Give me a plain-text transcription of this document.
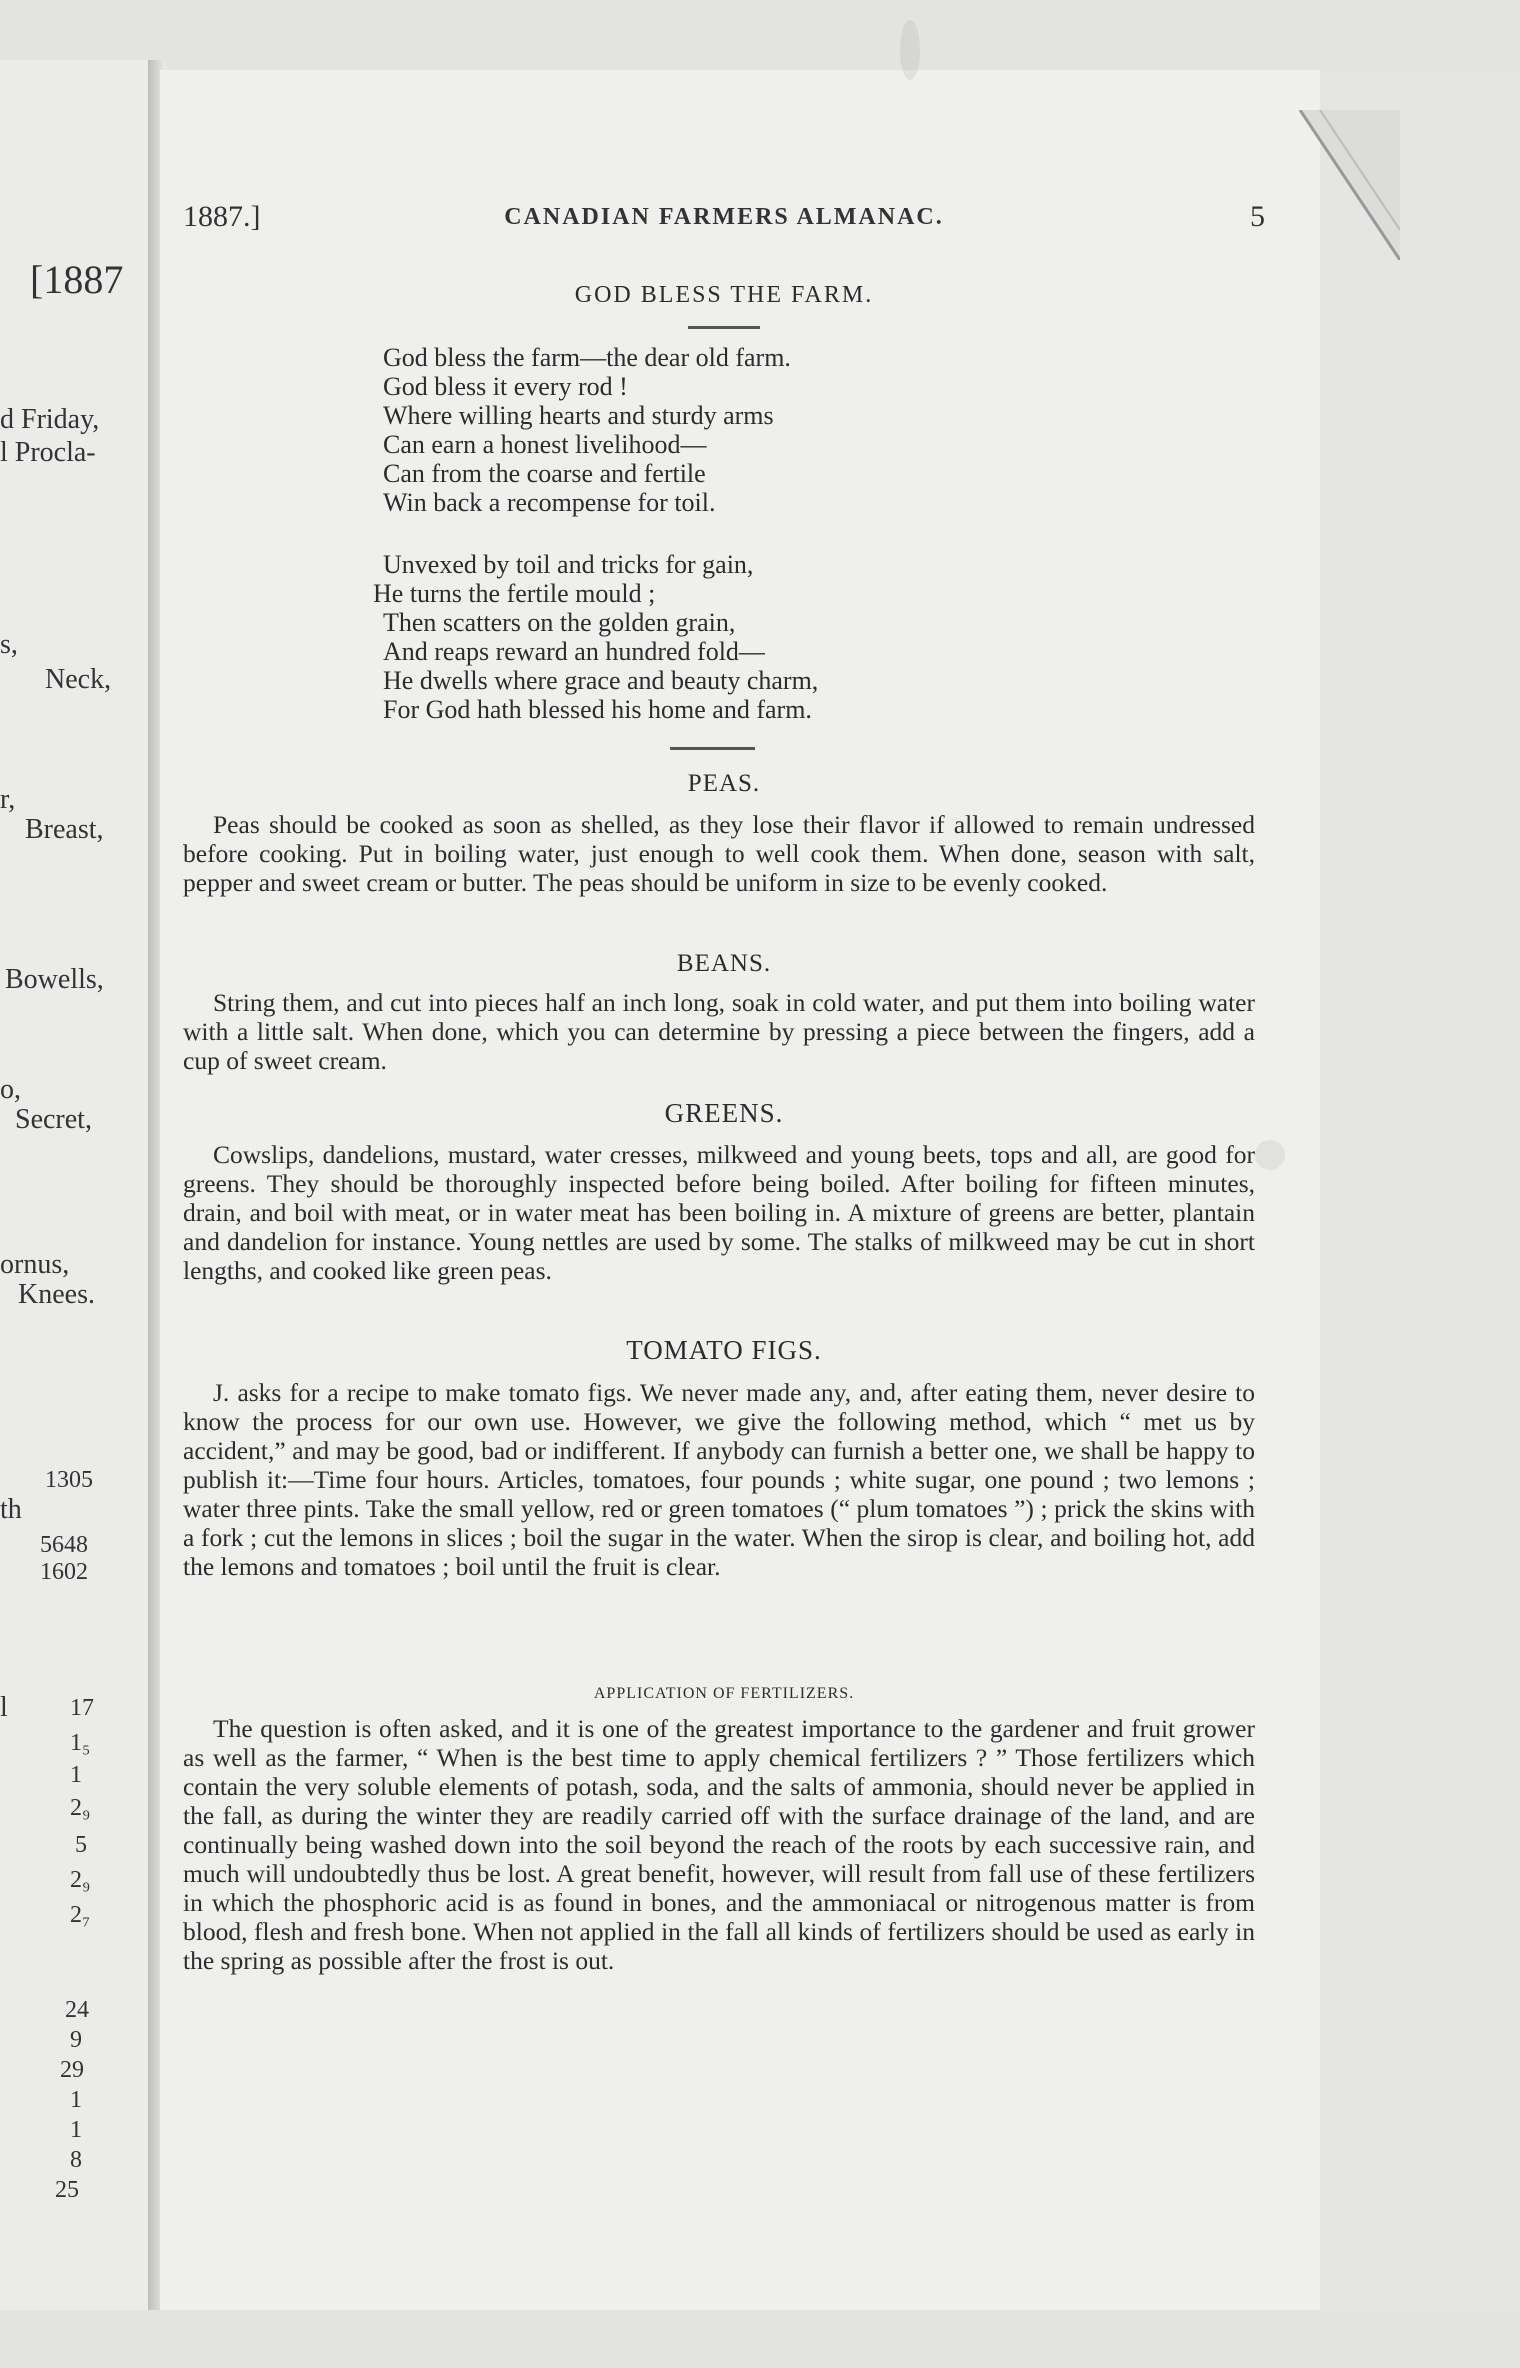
[1887
d Friday,
l Procla-
s,
Neck,
r,
Breast,
Bowells,
o,
Secret,
ornus,
Knees.
1305
th
5648
1602
l	17
1₅
1
2₉
5
2₉
2₇
24
9
29
1
1
8
25
1887.]	CANADIAN FARMERS ALMANAC.	5
GOD BLESS THE FARM.
God bless the farm—the dear old farm.
God bless it every rod !
Where willing hearts and sturdy arms
Can earn a honest livelihood—
Can from the coarse and fertile
Win back a recompense for toil.
Unvexed by toil and tricks for gain,
He turns the fertile mould ;
Then scatters on the golden grain,
And reaps reward an hundred fold—
He dwells where grace and beauty charm,
For God hath blessed his home and farm.
PEAS.
Peas should be cooked as soon as shelled, as they lose their flavor if allowed to remain undressed before cooking. Put in boiling water, just enough to well cook them. When done, season with salt, pepper and sweet cream or butter. The peas should be uniform in size to be evenly cooked.
BEANS.
String them, and cut into pieces half an inch long, soak in cold water, and put them into boiling water with a little salt. When done, which you can determine by pressing a piece between the fingers, add a cup of sweet cream.
GREENS.
Cowslips, dandelions, mustard, water cresses, milkweed and young beets, tops and all, are good for greens. They should be thoroughly inspected before being boiled. After boiling for fifteen minutes, drain, and boil with meat, or in water meat has been boiling in. A mixture of greens are better, plantain and dandelion for instance. Young nettles are used by some. The stalks of milkweed may be cut in short lengths, and cooked like green peas.
TOMATO FIGS.
J. asks for a recipe to make tomato figs. We never made any, and, after eating them, never desire to know the process for our own use. However, we give the following method, which “ met us by accident,” and may be good, bad or indifferent. If anybody can furnish a better one, we shall be happy to publish it:—Time four hours. Articles, tomatoes, four pounds ; white sugar, one pound ; two lemons ; water three pints. Take the small yellow, red or green tomatoes (“ plum tomatoes ”) ; prick the skins with a fork ; cut the lemons in slices ; boil the sugar in the water. When the sirop is clear, and boiling hot, add the lemons and tomatoes ; boil until the fruit is clear.
APPLICATION OF FERTILIZERS.
The question is often asked, and it is one of the greatest importance to the gardener and fruit grower as well as the farmer, “ When is the best time to apply chemical fertilizers ? ” Those fertilizers which contain the very soluble elements of potash, soda, and the salts of ammonia, should never be applied in the fall, as during the winter they are readily carried off with the surface drainage of the land, and are continually being washed down into the soil beyond the reach of the roots by each successive rain, and much will undoubtedly thus be lost. A great benefit, however, will result from fall use of these fertilizers in which the phosphoric acid is as found in bones, and the ammoniacal or nitrogenous matter is from blood, flesh and fresh bone. When not applied in the fall all kinds of fertilizers should be used as early in the spring as possible after the frost is out.
